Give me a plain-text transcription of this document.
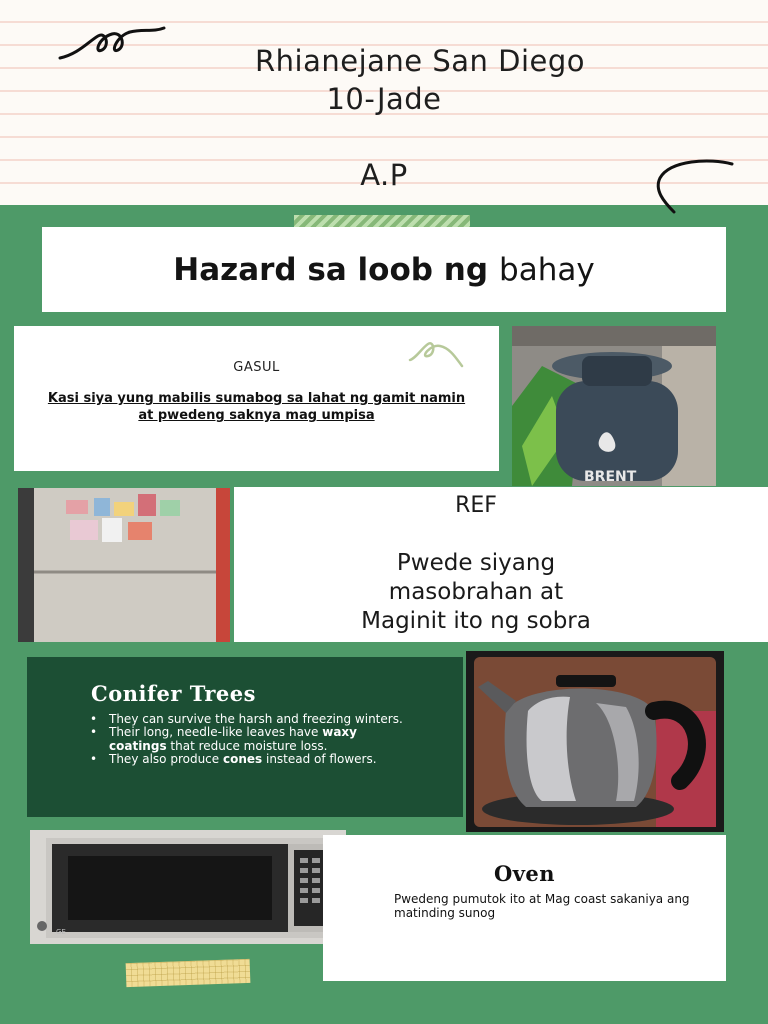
Rhianejane San Diego
10-Jade
A.P
Hazard sa loob ng bahay
GASUL
Kasi siya yung mabilis sumabog sa lahat ng gamit namin at pwedeng saknya mag umpisa
BRENT
REF
Pwede siyang
masobrahan at
Maginit ito ng sobra
Conifer Trees
• They can survive the harsh and freezing winters.
• Their long, needle-like leaves have waxy coatings that reduce moisture loss.
• They also produce cones instead of flowers.
GE
Oven
Pwedeng pumutok ito at Mag coast sakaniya ang matinding sunog
